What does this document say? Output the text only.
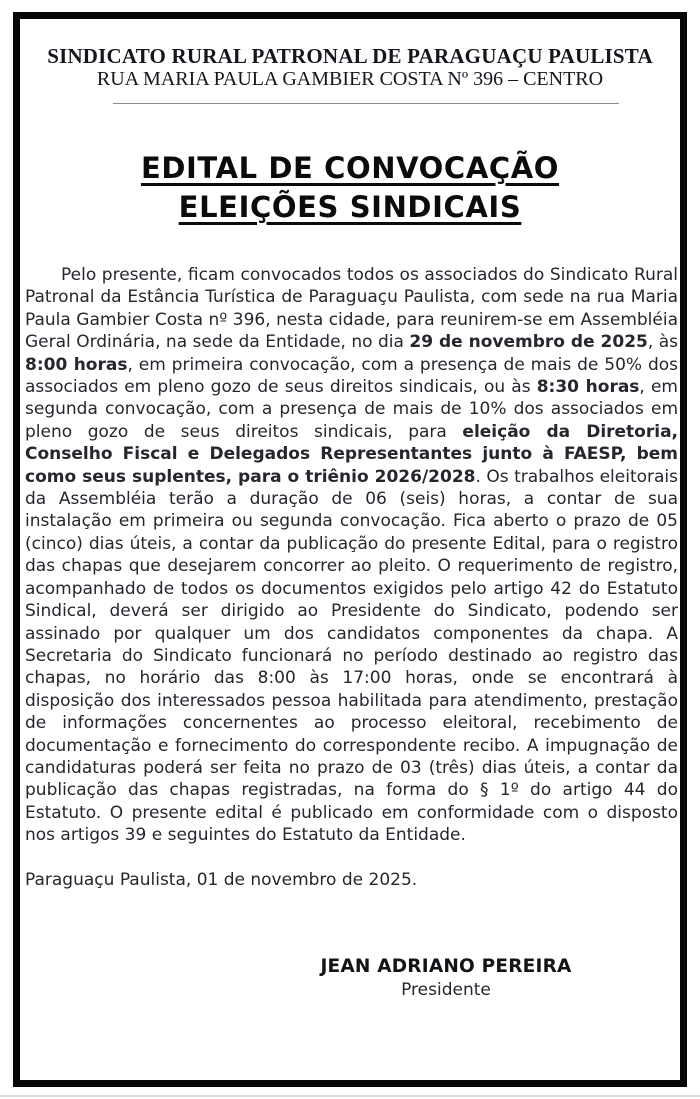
SINDICATO RURAL PATRONAL DE PARAGUAÇU PAULISTA
RUA MARIA PAULA GAMBIER COSTA Nº 396 – CENTRO
EDITAL DE CONVOCAÇÃO
ELEIÇÕES SINDICAIS

Pelo presente, ficam convocados todos os associados do Sindicato Rural Patronal da Estância Turística de Paraguaçu Paulista, com sede na rua Maria Paula Gambier Costa nº 396, nesta cidade, para reunirem-se em Assembléia Geral Ordinária, na sede da Entidade, no dia 29 de novembro de 2025, às 8:00 horas, em primeira convocação, com a presença de mais de 50% dos associados em pleno gozo de seus direitos sindicais, ou às 8:30 horas, em segunda convocação, com a presença de mais de 10% dos associados em pleno gozo de seus direitos sindicais, para eleição da Diretoria, Conselho Fiscal e Delegados Representantes junto à FAESP, bem como seus suplentes, para o triênio 2026/2028. Os trabalhos eleitorais da Assembléia terão a duração de 06 (seis) horas, a contar de sua instalação em primeira ou segunda convocação. Fica aberto o prazo de 05 (cinco) dias úteis, a contar da publicação do presente Edital, para o registro das chapas que desejarem concorrer ao pleito. O requerimento de registro, acompanhado de todos os documentos exigidos pelo artigo 42 do Estatuto Sindical, deverá ser dirigido ao Presidente do Sindicato, podendo ser assinado por qualquer um dos candidatos componentes da chapa. A Secretaria do Sindicato funcionará no período destinado ao registro das chapas, no horário das 8:00 às 17:00 horas, onde se encontrará à disposição dos interessados pessoa habilitada para atendimento, prestação de informações concernentes ao processo eleitoral, recebimento de documentação e fornecimento do correspondente recibo. A impugnação de candidaturas poderá ser feita no prazo de 03 (três) dias úteis, a contar da publicação das chapas registradas, na forma do § 1º do artigo 44 do Estatuto. O presente edital é publicado em conformidade com o disposto nos artigos 39 e seguintes do Estatuto da Entidade.

Paraguaçu Paulista, 01 de novembro de 2025.

JEAN ADRIANO PEREIRA
Presidente
